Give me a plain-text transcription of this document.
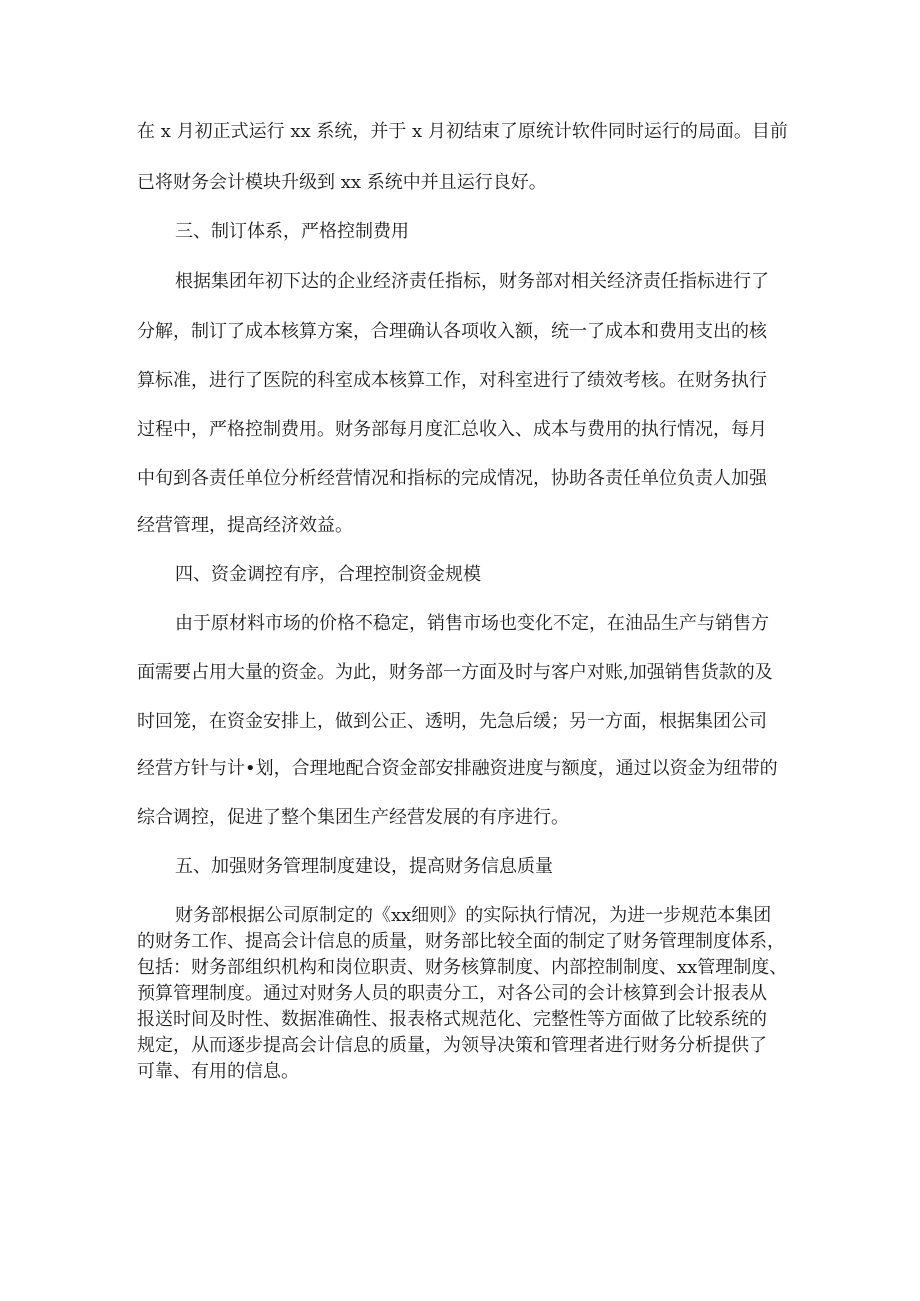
在 x 月初正式运行 xx 系统，并于 x 月初结束了原统计软件同时运行的局面。目前
已将财务会计模块升级到 xx 系统中并且运行良好。
三、制订体系，严格控制费用
根据集团年初下达的企业经济责任指标，财务部对相关经济责任指标进行了
分解，制订了成本核算方案，合理确认各项收入额，统一了成本和费用支出的核
算标准，进行了医院的科室成本核算工作，对科室进行了绩效考核。在财务执行
过程中，严格控制费用。财务部每月度汇总收入、成本与费用的执行情况，每月
中旬到各责任单位分析经营情况和指标的完成情况，协助各责任单位负责人加强
经营管理，提高经济效益。
四、资金调控有序，合理控制资金规模
由于原材料市场的价格不稳定，销售市场也变化不定，在油品生产与销售方
面需要占用大量的资金。为此，财务部一方面及时与客户对账,加强销售货款的及
时回笼，在资金安排上，做到公正、透明，先急后缓；另一方面，根据集团公司
经营方针与计•划，合理地配合资金部安排融资进度与额度，通过以资金为纽带的
综合调控，促进了整个集团生产经营发展的有序进行。
五、加强财务管理制度建设，提高财务信息质量
财务部根据公司原制定的《xx细则》的实际执行情况，为进一步规范本集团
的财务工作、提高会计信息的质量，财务部比较全面的制定了财务管理制度体系，
包括：财务部组织机构和岗位职责、财务核算制度、内部控制制度、xx管理制度、
预算管理制度。通过对财务人员的职责分工，对各公司的会计核算到会计报表从
报送时间及时性、数据准确性、报表格式规范化、完整性等方面做了比较系统的
规定，从而逐步提高会计信息的质量，为领导决策和管理者进行财务分析提供了
可靠、有用的信息。
